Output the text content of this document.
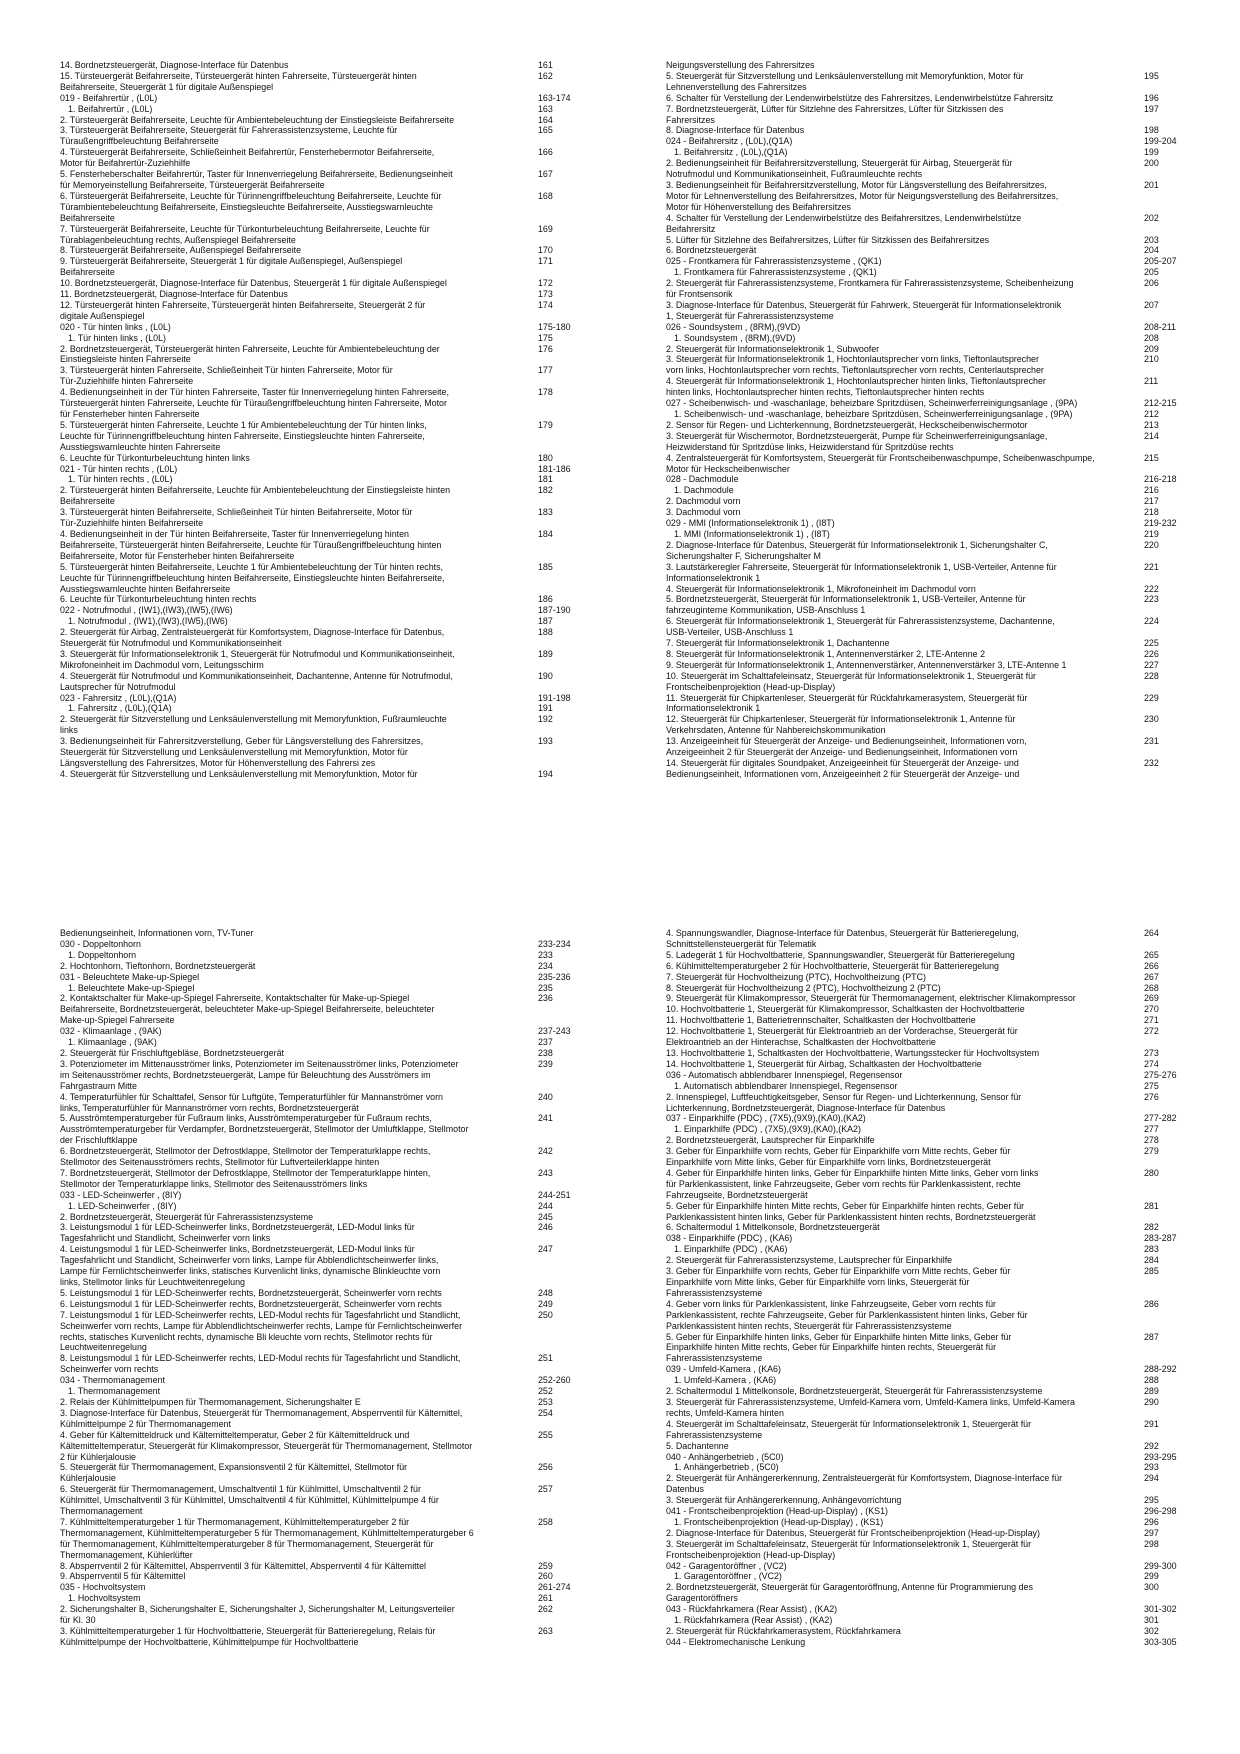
14. Bordnetzsteuergerät, Diagnose-Interface für Datenbus	161
15. Türsteuergerät Beifahrerseite, Türsteuergerät hinten Fahrerseite, Türsteuergerät hinten	162
Beifahrerseite, Steuergerät 1 für digitale Außenspiegel
019 - Beifahrertür , (L0L)	163-174
1. Beifahrertür , (L0L)	163
2. Türsteuergerät Beifahrerseite, Leuchte für Ambientebeleuchtung der Einstiegsleiste Beifahrerseite	164
3. Türsteuergerät Beifahrerseite, Steuergerät für Fahrerassistenzsysteme, Leuchte für	165
Türaußengriffbeleuchtung Beifahrerseite
4. Türsteuergerät Beifahrerseite, Schließeinheit Beifahrertür, Fensterhebermotor Beifahrerseite,	166
Motor für Beifahrertür-Zuziehhilfe
5. Fensterheberschalter Beifahrertür, Taster für Innenverriegelung Beifahrerseite, Bedienungseinheit	167
für Memoryeinstellung Beifahrerseite, Türsteuergerät Beifahrerseite
6. Türsteuergerät Beifahrerseite, Leuchte für Türinnengriffbeleuchtung Beifahrerseite, Leuchte für	168
Türambientebeleuchtung Beifahrerseite, Einstiegsleuchte Beifahrerseite, Ausstiegswarnleuchte
Beifahrerseite
7. Türsteuergerät Beifahrerseite, Leuchte für Türkonturbeleuchtung Beifahrerseite, Leuchte für	169
Türablagenbeleuchtung rechts, Außenspiegel Beifahrerseite
8. Türsteuergerät Beifahrerseite, Außenspiegel Beifahrerseite	170
9. Türsteuergerät Beifahrerseite, Steuergerät 1 für digitale Außenspiegel, Außenspiegel	171
Beifahrerseite
10. Bordnetzsteuergerät, Diagnose-Interface für Datenbus, Steuergerät 1 für digitale Außenspiegel	172
11. Bordnetzsteuergerät, Diagnose-Interface für Datenbus	173
12. Türsteuergerät hinten Fahrerseite, Türsteuergerät hinten Beifahrerseite, Steuergerät 2 für	174
digitale Außenspiegel
020 - Tür hinten links , (L0L)	175-180
1. Tür hinten links , (L0L)	175
2. Bordnetzsteuergerät, Türsteuergerät hinten Fahrerseite, Leuchte für Ambientebeleuchtung der	176
Einstiegsleiste hinten Fahrerseite
3. Türsteuergerät hinten Fahrerseite, Schließeinheit Tür hinten Fahrerseite, Motor für	177
Tür-Zuziehhilfe hinten Fahrerseite
4. Bedienungseinheit in der Tür hinten Fahrerseite, Taster für Innenverriegelung hinten Fahrerseite,	178
Türsteuergerät hinten Fahrerseite, Leuchte für Türaußengriffbeleuchtung hinten Fahrerseite, Motor
für Fensterheber hinten Fahrerseite
5. Türsteuergerät hinten Fahrerseite, Leuchte 1 für Ambientebeleuchtung der Tür hinten links,	179
Leuchte für Türinnengriffbeleuchtung hinten Fahrerseite, Einstiegsleuchte hinten Fahrerseite,
Ausstiegswarnleuchte hinten Fahrerseite
6. Leuchte für Türkonturbeleuchtung hinten links	180
021 - Tür hinten rechts , (L0L)	181-186
1. Tür hinten rechts , (L0L)	181
2. Türsteuergerät hinten Beifahrerseite, Leuchte für Ambientebeleuchtung der Einstiegsleiste hinten	182
Beifahrerseite
3. Türsteuergerät hinten Beifahrerseite, Schließeinheit Tür hinten Beifahrerseite, Motor für	183
Tür-Zuziehhilfe hinten Beifahrerseite
4. Bedienungseinheit in der Tür hinten Beifahrerseite, Taster für Innenverriegelung hinten	184
Beifahrerseite, Türsteuergerät hinten Beifahrerseite, Leuchte für Türaußengriffbeleuchtung hinten
Beifahrerseite, Motor für Fensterheber hinten Beifahrerseite
5. Türsteuergerät hinten Beifahrerseite, Leuchte 1 für Ambientebeleuchtung der Tür hinten rechts,	185
Leuchte für Türinnengriffbeleuchtung hinten Beifahrerseite, Einstiegsleuchte hinten Beifahrerseite,
Ausstiegswarnleuchte hinten Beifahrerseite
6. Leuchte für Türkonturbeleuchtung hinten rechts	186
022 - Notrufmodul , (IW1),(IW3),(IW5),(IW6)	187-190
1. Notrufmodul , (IW1),(IW3),(IW5),(IW6)	187
2. Steuergerät für Airbag, Zentralsteuergerät für Komfortsystem, Diagnose-Interface für Datenbus,	188
Steuergerät für Notrufmodul und Kommunikationseinheit
3. Steuergerät für Informationselektronik 1, Steuergerät für Notrufmodul und Kommunikationseinheit,	189
Mikrofoneinheit im Dachmodul vorn, Leitungsschirm
4. Steuergerät für Notrufmodul und Kommunikationseinheit, Dachantenne, Antenne für Notrufmodul,	190
Lautsprecher für Notrufmodul
023 - Fahrersitz , (L0L),(Q1A)	191-198
1. Fahrersitz , (L0L),(Q1A)	191
2. Steuergerät für Sitzverstellung und Lenksäulenverstellung mit Memoryfunktion, Fußraumleuchte	192
links
3. Bedienungseinheit für Fahrersitzverstellung, Geber für Längsverstellung des Fahrersitzes,	193
Steuergerät für Sitzverstellung und Lenksäulenverstellung mit Memoryfunktion, Motor für
Längsverstellung des Fahrersitzes, Motor für Höhenverstellung des Fahrersi zes
4. Steuergerät für Sitzverstellung und Lenksäulenverstellung mit Memoryfunktion, Motor für	194
Neigungsverstellung des Fahrersitzes
5. Steuergerät für Sitzverstellung und Lenksäulenverstellung mit Memoryfunktion, Motor für	195
Lehnenverstellung des Fahrersitzes
6. Schalter für Verstellung der Lendenwirbelstütze des Fahrersitzes, Lendenwirbelstütze Fahrersitz	196
7. Bordnetzsteuergerät, Lüfter für Sitzlehne des Fahrersitzes, Lüfter für Sitzkissen des	197
Fahrersitzes
8. Diagnose-Interface für Datenbus	198
024 - Beifahrersitz , (L0L),(Q1A)	199-204
1. Beifahrersitz , (L0L),(Q1A)	199
2. Bedienungseinheit für Beifahrersitzverstellung, Steuergerät für Airbag, Steuergerät für	200
Notrufmodul und Kommunikationseinheit, Fußraumleuchte rechts
3. Bedienungseinheit für Beifahrersitzverstellung, Motor für Längsverstellung des Beifahrersitzes,	201
Motor für Lehnenverstellung des Beifahrersitzes, Motor für Neigungsverstellung des Beifahrersitzes,
Motor für Höhenverstellung des Beifahrersitzes
4. Schalter für Verstellung der Lendenwirbelstütze des Beifahrersitzes, Lendenwirbelstütze	202
Beifahrersitz
5. Lüfter für Sitzlehne des Beifahrersitzes, Lüfter für Sitzkissen des Beifahrersitzes	203
6. Bordnetzsteuergerät	204
025 - Frontkamera für Fahrerassistenzsysteme , (QK1)	205-207
1. Frontkamera für Fahrerassistenzsysteme , (QK1)	205
2. Steuergerät für Fahrerassistenzsysteme, Frontkamera für Fahrerassistenzsysteme, Scheibenheizung	206
für Frontsensorik
3. Diagnose-Interface für Datenbus, Steuergerät für Fahrwerk, Steuergerät für Informationselektronik	207
1, Steuergerät für Fahrerassistenzsysteme
026 - Soundsystem , (8RM),(9VD)	208-211
1. Soundsystem , (8RM),(9VD)	208
2. Steuergerät für Informationselektronik 1, Subwoofer	209
3. Steuergerät für Informationselektronik 1, Hochtonlautsprecher vorn links, Tieftonlautsprecher	210
vorn links, Hochtonlautsprecher vorn rechts, Tieftonlautsprecher vorn rechts, Centerlautsprecher
4. Steuergerät für Informationselektronik 1, Hochtonlautsprecher hinten links, Tieftonlautsprecher	211
hinten links, Hochtonlautsprecher hinten rechts, Tieftonlautsprecher hinten rechts
027 - Scheibenwisch- und -waschanlage, beheizbare Spritzdüsen, Scheinwerferreinigungsanlage , (9PA)	212-215
1. Scheibenwisch- und -waschanlage, beheizbare Spritzdüsen, Scheinwerferreinigungsanlage , (9PA)	212
2. Sensor für Regen- und Lichterkennung, Bordnetzsteuergerät, Heckscheibenwischermotor	213
3. Steuergerät für Wischermotor, Bordnetzsteuergerät, Pumpe für Scheinwerferreinigungsanlage,	214
Heizwiderstand für Spritzdüse links, Heizwiderstand für Spritzdüse rechts
4. Zentralsteuergerät für Komfortsystem, Steuergerät für Frontscheibenwaschpumpe, Scheibenwaschpumpe,	215
Motor für Heckscheibenwischer
028 - Dachmodule	216-218
1. Dachmodule	216
2. Dachmodul vorn	217
3. Dachmodul vorn	218
029 - MMI (Informationselektronik 1) , (I8T)	219-232
1. MMI (Informationselektronik 1) , (I8T)	219
2. Diagnose-Interface für Datenbus, Steuergerät für Informationselektronik 1, Sicherungshalter C,	220
Sicherungshalter F, Sicherungshalter M
3. Lautstärkeregler Fahrerseite, Steuergerät für Informationselektronik 1, USB-Verteiler, Antenne für	221
Informationselektronik 1
4. Steuergerät für Informationselektronik 1, Mikrofoneinheit im Dachmodul vorn	222
5. Bordnetzsteuergerät, Steuergerät für Informationselektronik 1, USB-Verteiler, Antenne für	223
fahrzeuginterne Kommunikation, USB-Anschluss 1
6. Steuergerät für Informationselektronik 1, Steuergerät für Fahrerassistenzsysteme, Dachantenne,	224
USB-Verteiler, USB-Anschluss 1
7. Steuergerät für Informationselektronik 1, Dachantenne	225
8. Steuergerät für Informationselektronik 1, Antennenverstärker 2, LTE-Antenne 2	226
9. Steuergerät für Informationselektronik 1, Antennenverstärker, Antennenverstärker 3, LTE-Antenne 1	227
10. Steuergerät im Schalttafeleinsatz, Steuergerät für Informationselektronik 1, Steuergerät für	228
Frontscheibenprojektion (Head-up-Display)
11. Steuergerät für Chipkartenleser, Steuergerät für Rückfahrkamerasystem, Steuergerät für	229
Informationselektronik 1
12. Steuergerät für Chipkartenleser, Steuergerät für Informationselektronik 1, Antenne für	230
Verkehrsdaten, Antenne für Nahbereichskommunikation
13. Anzeigeeinheit für Steuergerät der Anzeige- und Bedienungseinheit, Informationen vorn,	231
Anzeigeeinheit 2 für Steuergerät der Anzeige- und Bedienungseinheit, Informationen vorn
14. Steuergerät für digitales Soundpaket, Anzeigeeinheit für Steuergerät der Anzeige- und	232
Bedienungseinheit, Informationen vorn, Anzeigeeinheit 2 für Steuergerät der Anzeige- und
Bedienungseinheit, Informationen vorn, TV-Tuner
030 - Doppeltonhorn	233-234
1. Doppeltonhorn	233
2. Hochtonhorn, Tieftonhorn, Bordnetzsteuergerät	234
031 - Beleuchtete Make-up-Spiegel	235-236
1. Beleuchtete Make-up-Spiegel	235
2. Kontaktschalter für Make-up-Spiegel Fahrerseite, Kontaktschalter für Make-up-Spiegel	236
Beifahrerseite, Bordnetzsteuergerät, beleuchteter Make-up-Spiegel Beifahrerseite, beleuchteter
Make-up-Spiegel Fahrerseite
032 - Klimaanlage , (9AK)	237-243
1. Klimaanlage , (9AK)	237
2. Steuergerät für Frischluftgebläse, Bordnetzsteuergerät	238
3. Potenziometer im Mittenausströmer links, Potenziometer im Seitenausströmer links, Potenziometer	239
im Seitenausströmer rechts, Bordnetzsteuergerät, Lampe für Beleuchtung des Ausströmers im
Fahrgastraum Mitte
4. Temperaturfühler für Schalttafel, Sensor für Luftgüte, Temperaturfühler für Mannanströmer vorn	240
links, Temperaturfühler für Mannanströmer vorn rechts, Bordnetzsteuergerät
5. Ausströmtemperaturgeber für Fußraum links, Ausströmtemperaturgeber für Fußraum rechts,	241
Ausströmtemperaturgeber für Verdampfer, Bordnetzsteuergerät, Stellmotor der Umluftklappe, Stellmotor
der Frischluftklappe
6. Bordnetzsteuergerät, Stellmotor der Defrostklappe, Stellmotor der Temperaturklappe rechts,	242
Stellmotor des Seitenausströmers rechts, Stellmotor für Luftverteilerklappe hinten
7. Bordnetzsteuergerät, Stellmotor der Defrostklappe, Stellmotor der Temperaturklappe hinten,	243
Stellmotor der Temperaturklappe links, Stellmotor des Seitenausströmers links
033 - LED-Scheinwerfer , (8IY)	244-251
1. LED-Scheinwerfer , (8IY)	244
2. Bordnetzsteuergerät, Steuergerät für Fahrerassistenzsysteme	245
3. Leistungsmodul 1 für LED-Scheinwerfer links, Bordnetzsteuergerät, LED-Modul links für	246
Tagesfahrlicht und Standlicht, Scheinwerfer vorn links
4. Leistungsmodul 1 für LED-Scheinwerfer links, Bordnetzsteuergerät, LED-Modul links für	247
Tagesfahrlicht und Standlicht, Scheinwerfer vorn links, Lampe für Abblendlichtscheinwerfer links,
Lampe für Fernlichtscheinwerfer links, statisches Kurvenlicht links, dynamische Blinkleuchte vorn
links, Stellmotor links für Leuchtweitenregelung
5. Leistungsmodul 1 für LED-Scheinwerfer rechts, Bordnetzsteuergerät, Scheinwerfer vorn rechts	248
6. Leistungsmodul 1 für LED-Scheinwerfer rechts, Bordnetzsteuergerät, Scheinwerfer vorn rechts	249
7. Leistungsmodul 1 für LED-Scheinwerfer rechts, LED-Modul rechts für Tagesfahrlicht und Standlicht,	250
Scheinwerfer vorn rechts, Lampe für Abblendlichtscheinwerfer rechts, Lampe für Fernlichtscheinwerfer
rechts, statisches Kurvenlicht rechts, dynamische Bli kleuchte vorn rechts, Stellmotor rechts für
Leuchtweitenregelung
8. Leistungsmodul 1 für LED-Scheinwerfer rechts, LED-Modul rechts für Tagesfahrlicht und Standlicht,	251
Scheinwerfer vorn rechts
034 - Thermomanagement	252-260
1. Thermomanagement	252
2. Relais der Kühlmittelpumpen für Thermomanagement, Sicherungshalter E	253
3. Diagnose-Interface für Datenbus, Steuergerät für Thermomanagement, Absperrventil für Kältemittel,	254
Kühlmittelpumpe 2 für Thermomanagement
4. Geber für Kältemitteldruck und Kältemitteltemperatur, Geber 2 für Kältemitteldruck und	255
Kältemitteltemperatur, Steuergerät für Klimakompressor, Steuergerät für Thermomanagement, Stellmotor
2 für Kühlerjalousie
5. Steuergerät für Thermomanagement, Expansionsventil 2 für Kältemittel, Stellmotor für	256
Kühlerjalousie
6. Steuergerät für Thermomanagement, Umschaltventil 1 für Kühlmittel, Umschaltventil 2 für	257
Kühlmittel, Umschaltventil 3 für Kühlmittel, Umschaltventil 4 für Kühlmittel, Kühlmittelpumpe 4 für
Thermomanagement
7. Kühlmitteltemperaturgeber 1 für Thermomanagement, Kühlmitteltemperaturgeber 2 für	258
Thermomanagement, Kühlmitteltemperaturgeber 5 für Thermomanagement, Kühlmitteltemperaturgeber 6
für Thermomanagement, Kühlmitteltemperaturgeber 8 für Thermomanagement, Steuergerät für
Thermomanagement, Kühlerlüfter
8. Absperrventil 2 für Kältemittel, Absperrventil 3 für Kältemittel, Absperrventil 4 für Kältemittel	259
9. Absperrventil 5 für Kältemittel	260
035 - Hochvoltsystem	261-274
1. Hochvoltsystem	261
2. Sicherungshalter B, Sicherungshalter E, Sicherungshalter J, Sicherungshalter M, Leitungsverteiler	262
für Kl. 30
3. Kühlmitteltemperaturgeber 1 für Hochvoltbatterie, Steuergerät für Batterieregelung, Relais für	263
Kühlmittelpumpe der Hochvoltbatterie, Kühlmittelpumpe für Hochvoltbatterie
4. Spannungswandler, Diagnose-Interface für Datenbus, Steuergerät für Batterieregelung,	264
Schnittstellensteuergerät für Telematik
5. Ladegerät 1 für Hochvoltbatterie, Spannungswandler, Steuergerät für Batterieregelung	265
6. Kühlmitteltemperaturgeber 2 für Hochvoltbatterie, Steuergerät für Batterieregelung	266
7. Steuergerät für Hochvoltheizung (PTC), Hochvoltheizung (PTC)	267
8. Steuergerät für Hochvoltheizung 2 (PTC), Hochvoltheizung 2 (PTC)	268
9. Steuergerät für Klimakompressor, Steuergerät für Thermomanagement, elektrischer Klimakompressor	269
10. Hochvoltbatterie 1, Steuergerät für Klimakompressor, Schaltkasten der Hochvoltbatterie	270
11. Hochvoltbatterie 1, Batterietrennschalter, Schaltkasten der Hochvoltbatterie	271
12. Hochvoltbatterie 1, Steuergerät für Elektroantrieb an der Vorderachse, Steuergerät für	272
Elektroantrieb an der Hinterachse, Schaltkasten der Hochvoltbatterie
13. Hochvoltbatterie 1, Schaltkasten der Hochvoltbatterie, Wartungsstecker für Hochvoltsystem	273
14. Hochvoltbatterie 1, Steuergerät für Airbag, Schaltkasten der Hochvoltbatterie	274
036 - Automatisch abblendbarer Innenspiegel, Regensensor	275-276
1. Automatisch abblendbarer Innenspiegel, Regensensor	275
2. Innenspiegel, Luftfeuchtigkeitsgeber, Sensor für Regen- und Lichterkennung, Sensor für	276
Lichterkennung, Bordnetzsteuergerät, Diagnose-Interface für Datenbus
037 - Einparkhilfe (PDC) , (7X5),(9X9),(KA0),(KA2)	277-282
1. Einparkhilfe (PDC) , (7X5),(9X9),(KA0),(KA2)	277
2. Bordnetzsteuergerät, Lautsprecher für Einparkhilfe	278
3. Geber für Einparkhilfe vorn rechts, Geber für Einparkhilfe vorn Mitte rechts, Geber für	279
Einparkhilfe vorn Mitte links, Geber für Einparkhilfe vorn links, Bordnetzsteuergerät
4. Geber für Einparkhilfe hinten links, Geber für Einparkhilfe hinten Mitte links, Geber vorn links	280
für Parklenkassistent, linke Fahrzeugseite, Geber vorn rechts für Parklenkassistent, rechte
Fahrzeugseite, Bordnetzsteuergerät
5. Geber für Einparkhilfe hinten Mitte rechts, Geber für Einparkhilfe hinten rechts, Geber für	281
Parklenkassistent hinten links, Geber für Parklenkassistent hinten rechts, Bordnetzsteuergerät
6. Schaltermodul 1 Mittelkonsole, Bordnetzsteuergerät	282
038 - Einparkhilfe (PDC) , (KA6)	283-287
1. Einparkhilfe (PDC) , (KA6)	283
2. Steuergerät für Fahrerassistenzsysteme, Lautsprecher für Einparkhilfe	284
3. Geber für Einparkhilfe vorn rechts, Geber für Einparkhilfe vorn Mitte rechts, Geber für	285
Einparkhilfe vorn Mitte links, Geber für Einparkhilfe vorn links, Steuergerät für
Fahrerassistenzsysteme
4. Geber vorn links für Parklenkassistent, linke Fahrzeugseite, Geber vorn rechts für	286
Parklenkassistent, rechte Fahrzeugseite, Geber für Parklenkassistent hinten links, Geber für
Parklenkassistent hinten rechts, Steuergerät für Fahrerassistenzsysteme
5. Geber für Einparkhilfe hinten links, Geber für Einparkhilfe hinten Mitte links, Geber für	287
Einparkhilfe hinten Mitte rechts, Geber für Einparkhilfe hinten rechts, Steuergerät für
Fahrerassistenzsysteme
039 - Umfeld-Kamera , (KA6)	288-292
1. Umfeld-Kamera , (KA6)	288
2. Schaltermodul 1 Mittelkonsole, Bordnetzsteuergerät, Steuergerät für Fahrerassistenzsysteme	289
3. Steuergerät für Fahrerassistenzsysteme, Umfeld-Kamera vorn, Umfeld-Kamera links, Umfeld-Kamera	290
rechts, Umfeld-Kamera hinten
4. Steuergerät im Schalttafeleinsatz, Steuergerät für Informationselektronik 1, Steuergerät für	291
Fahrerassistenzsysteme
5. Dachantenne	292
040 - Anhängerbetrieb , (5C0)	293-295
1. Anhängerbetrieb , (5C0)	293
2. Steuergerät für Anhängererkennung, Zentralsteuergerät für Komfortsystem, Diagnose-Interface für	294
Datenbus
3. Steuergerät für Anhängererkennung, Anhängevorrichtung	295
041 - Frontscheibenprojektion (Head-up-Display) , (KS1)	296-298
1. Frontscheibenprojektion (Head-up-Display) , (KS1)	296
2. Diagnose-Interface für Datenbus, Steuergerät für Frontscheibenprojektion (Head-up-Display)	297
3. Steuergerät im Schalttafeleinsatz, Steuergerät für Informationselektronik 1, Steuergerät für	298
Frontscheibenprojektion (Head-up-Display)
042 - Garagentoröffner , (VC2)	299-300
1. Garagentoröffner , (VC2)	299
2. Bordnetzsteuergerät, Steuergerät für Garagentoröffnung, Antenne für Programmierung des	300
Garagentoröffners
043 - Rückfahrkamera (Rear Assist) , (KA2)	301-302
1. Rückfahrkamera (Rear Assist) , (KA2)	301
2. Steuergerät für Rückfahrkamerasystem, Rückfahrkamera	302
044 - Elektromechanische Lenkung	303-305
